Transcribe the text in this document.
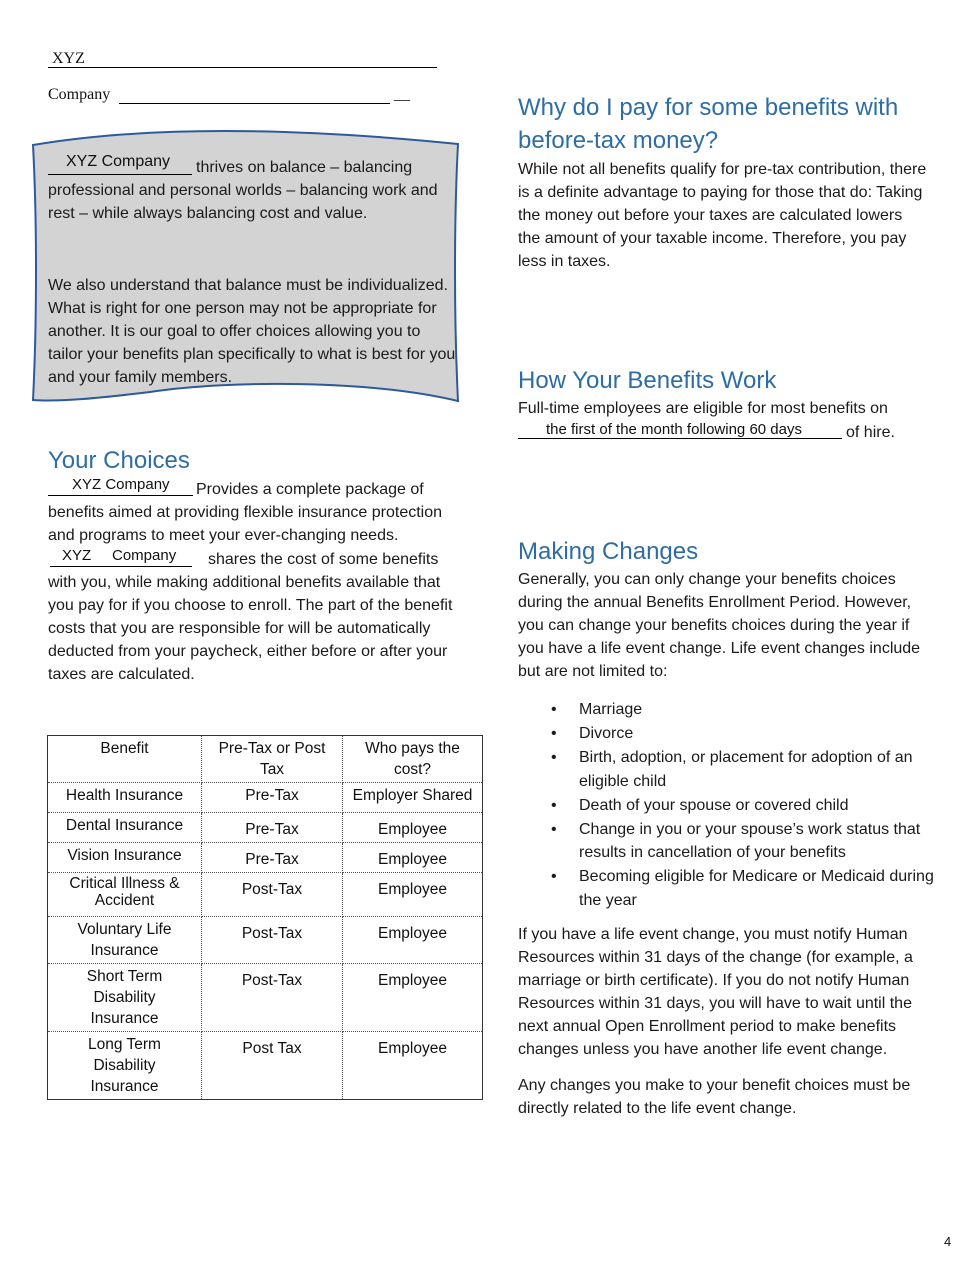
XYZ
Company	__
XYZ Company	thrives on balance – balancing professional and personal worlds – balancing work and rest – while always balancing cost and value.
We also understand that balance must be individualized. What is right for one person may not be appropriate for another. It is our goal to offer choices allowing you to tailor your benefits plan specifically to what is best for you and your family members.
Your Choices
XYZ Company	Provides a complete package of benefits aimed at providing flexible insurance protection and programs to meet your ever-changing needs.
XYZ     Company	shares the cost of some benefits with you, while making additional benefits available that you pay for if you choose to enroll. The part of the benefit costs that you are responsible for will be automatically deducted from your paycheck, either before or after your taxes are calculated.
Benefit	Pre-Tax or Post Tax	Who pays the cost?
Health Insurance	Pre-Tax	Employer Shared
Dental Insurance	Pre-Tax	Employee
Vision Insurance	Pre-Tax	Employee
Critical Illness & Accident	Post-Tax	Employee
Voluntary Life Insurance	Post-Tax	Employee
Short Term Disability Insurance	Post-Tax	Employee
Long Term Disability Insurance	Post Tax	Employee
Why do I pay for some benefits with before-tax money?
While not all benefits qualify for pre-tax contribution, there is a definite advantage to paying for those that do: Taking the money out before your taxes are calculated lowers the amount of your taxable income. Therefore, you pay less in taxes.
How Your Benefits Work
Full-time employees are eligible for most benefits on
the first of the month following 60 days	of hire.
Making Changes
Generally, you can only change your benefits choices during the annual Benefits Enrollment Period. However, you can change your benefits choices during the year if you have a life event change. Life event changes include but are not limited to:
• Marriage
• Divorce
• Birth, adoption, or placement for adoption of an eligible child
• Death of your spouse or covered child
• Change in you or your spouse’s work status that results in cancellation of your benefits
• Becoming eligible for Medicare or Medicaid during the year
If you have a life event change, you must notify Human Resources within 31 days of the change (for example, a marriage or birth certificate). If you do not notify Human Resources within 31 days, you will have to wait until the next annual Open Enrollment period to make benefits changes unless you have another life event change.
Any changes you make to your benefit choices must be directly related to the life event change.
4
